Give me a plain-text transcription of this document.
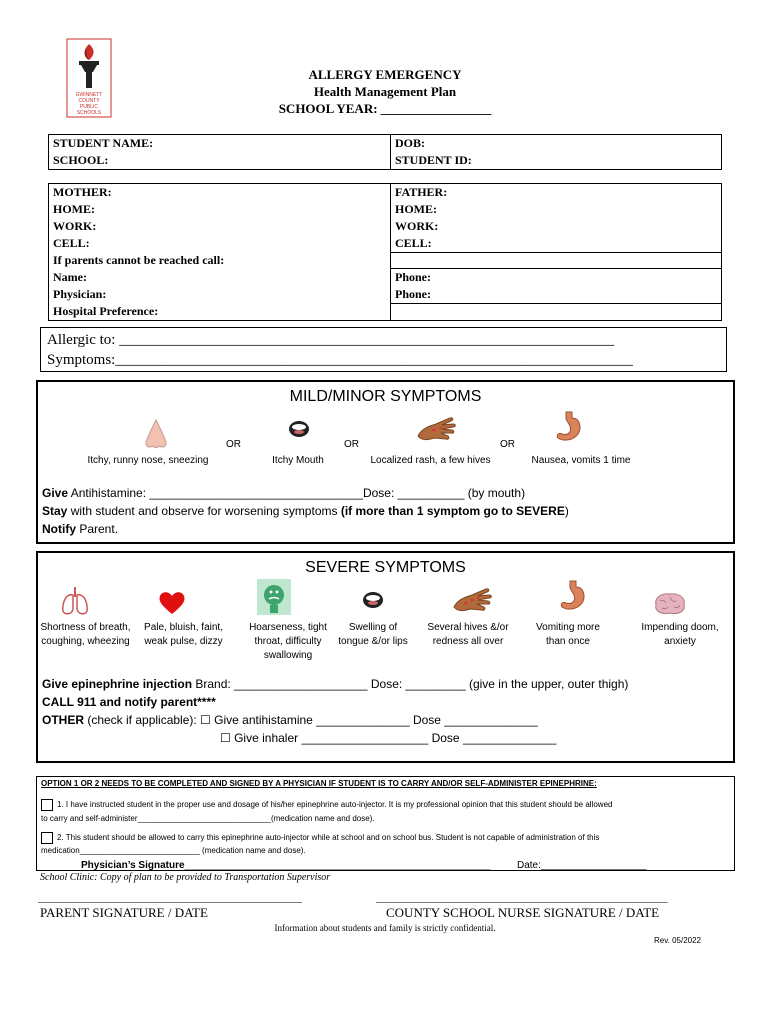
GWINNETT
COUNTY
PUBLIC
SCHOOLS
ALLERGY EMERGENCY
Health Management Plan
SCHOOL YEAR: _________________
STUDENT NAME:	DOB:
SCHOOL:	STUDENT ID:
MOTHER:	FATHER:
HOME:	HOME:
WORK:	WORK:
CELL:	CELL:
If parents cannot be reached call:
Name:	Phone:
Physician:	Phone:
Hospital Preference:
Allergic to: __________________________________________________________________
Symptoms:_____________________________________________________________________
MILD/MINOR SYMPTOMS
OR	OR	OR
Itchy, runny nose, sneezing	Itchy Mouth	Localized rash, a few hives	Nausea, vomits 1 time
Give Antihistamine: ________________________________Dose: __________ (by mouth)
Stay with student and observe for worsening symptoms (if more than 1 symptom go to SEVERE)
Notify Parent.
SEVERE SYMPTOMS
Shortness of breath, coughing, wheezing
Pale, bluish, faint, weak pulse, dizzy
Hoarseness, tight throat, difficulty swallowing
Swelling of tongue &/or lips
Several hives &/or redness all over
Vomiting more than once
Impending doom, anxiety
Give epinephrine injection Brand: ____________________ Dose: _________ (give in the upper, outer thigh)
CALL 911 and notify parent****
OTHER (check if applicable): ☐ Give antihistamine ______________ Dose ______________
☐ Give inhaler ___________________ Dose ______________
OPTION 1 OR 2 NEEDS TO BE COMPLETED AND SIGNED BY A PHYSICIAN IF STUDENT IS TO CARRY AND/OR SELF-ADMINISTER EPINEPHRINE:
1. I have instructed student in the proper use and dosage of his/her epinephrine auto-injector. It is my professional opinion that this student should be allowed
to carry and self-administer______________________________(medication name and dose).
2. This student should be allowed to carry this epinephrine auto-injector while at school and on school bus. Student is not capable of administration of this
medication___________________________ (medication name and dose).
Physician’s Signature_______________________________________________________	Date:___________________
School Clinic: Copy of plan to be provided to Transportation Supervisor
________________________________________________
PARENT SIGNATURE / DATE
_____________________________________________________
COUNTY SCHOOL NURSE SIGNATURE / DATE
Information about students and family is strictly confidential.
Rev. 05/2022
